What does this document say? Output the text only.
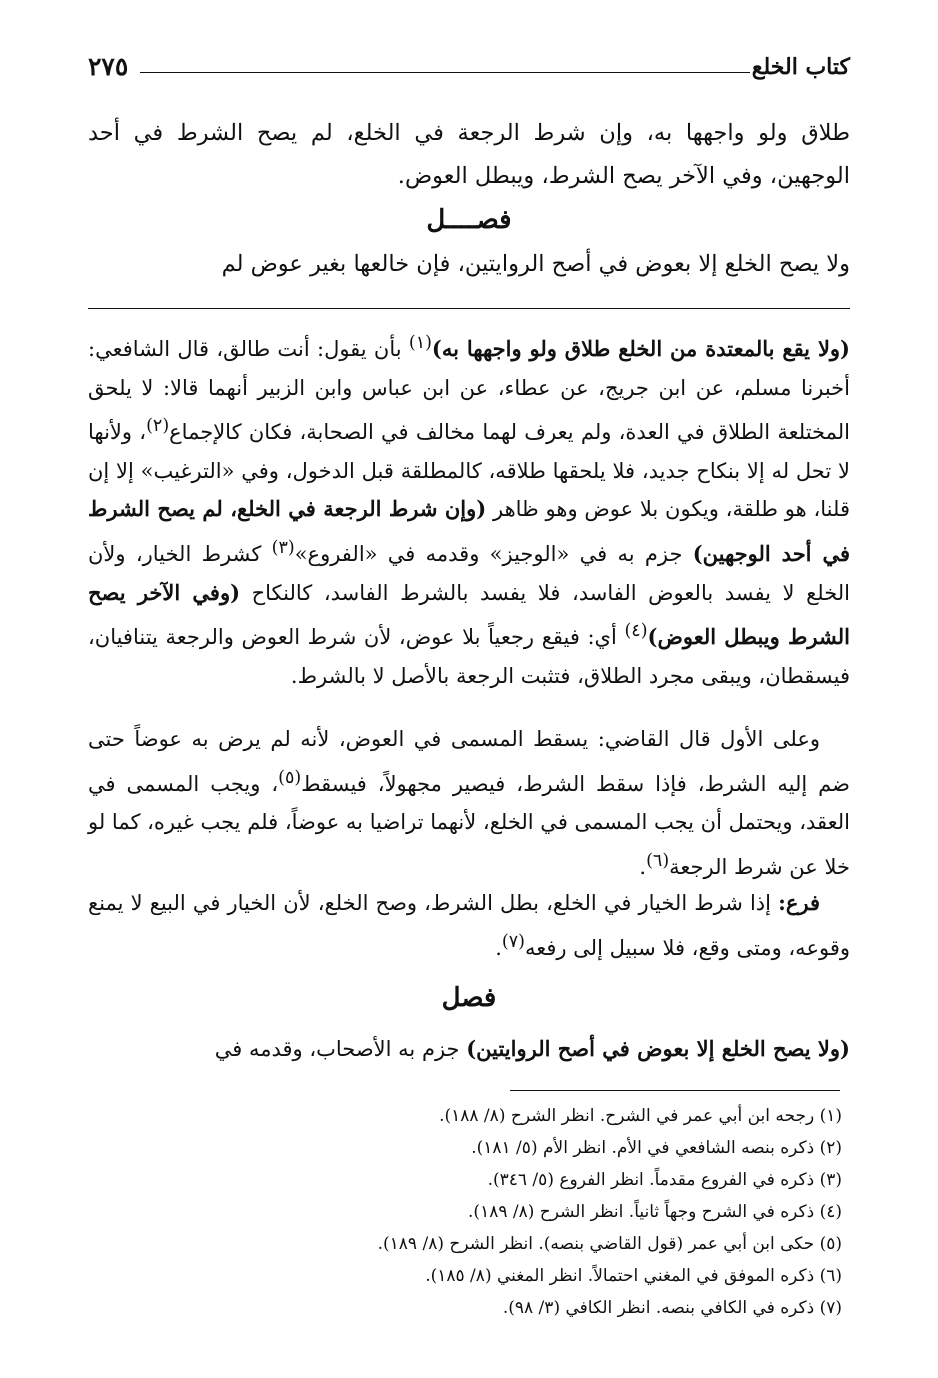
٢٧٥	كتاب الخلع

طلاق ولو واجهها به، وإن شرط الرجعة في الخلع، لم يصح الشرط في أحد الوجهين، وفي الآخر يصح الشرط، ويبطل العوض.

فصــــل

ولا يصح الخلع إلا بعوض في أصح الروايتين، فإن خالعها بغير عوض لم

(ولا يقع بالمعتدة من الخلع طلاق ولو واجهها به)$^{(١)}$ بأن يقول: أنت طالق، قال الشافعي: أخبرنا مسلم، عن ابن جريج، عن عطاء، عن ابن عباس وابن الزبير أنهما قالا: لا يلحق المختلعة الطلاق في العدة، ولم يعرف لهما مخالف في الصحابة، فكان كالإجماع$^{(٢)}$، ولأنها لا تحل له إلا بنكاح جديد، فلا يلحقها طلاقه، كالمطلقة قبل الدخول، وفي «الترغيب» إلا إن قلنا، هو طلقة، ويكون بلا عوض وهو ظاهر (وإن شرط الرجعة في الخلع، لم يصح الشرط في أحد الوجهين) جزم به في «الوجيز» وقدمه في «الفروع»$^{(٣)}$ كشرط الخيار، ولأن الخلع لا يفسد بالعوض الفاسد، فلا يفسد بالشرط الفاسد، كالنكاح (وفي الآخر يصح الشرط ويبطل العوض)$^{(٤)}$ أي: فيقع رجعياً بلا عوض، لأن شرط العوض والرجعة يتنافيان، فيسقطان، ويبقى مجرد الطلاق، فتثبت الرجعة بالأصل لا بالشرط.

وعلى الأول قال القاضي: يسقط المسمى في العوض، لأنه لم يرض به عوضاً حتى ضم إليه الشرط، فإذا سقط الشرط، فيصير مجهولاً، فيسقط$^{(٥)}$، ويجب المسمى في العقد، ويحتمل أن يجب المسمى في الخلع، لأنهما تراضيا به عوضاً، فلم يجب غيره، كما لو خلا عن شرط الرجعة$^{(٦)}$.

فرع: إذا شرط الخيار في الخلع، بطل الشرط، وصح الخلع، لأن الخيار في البيع لا يمنع وقوعه، ومتى وقع، فلا سبيل إلى رفعه$^{(٧)}$.

فصل

(ولا يصح الخلع إلا بعوض في أصح الروايتين) جزم به الأصحاب، وقدمه في

(١) رجحه ابن أبي عمر في الشرح. انظر الشرح (٨/ ١٨٨).
(٢) ذكره بنصه الشافعي في الأم. انظر الأم (٥/ ١٨١).
(٣) ذكره في الفروع مقدماً. انظر الفروع (٥/ ٣٤٦).
(٤) ذكره في الشرح وجهاً ثانياً. انظر الشرح (٨/ ١٨٩).
(٥) حكى ابن أبي عمر (قول القاضي بنصه). انظر الشرح (٨/ ١٨٩).
(٦) ذكره الموفق في المغني احتمالاً. انظر المغني (٨/ ١٨٥).
(٧) ذكره في الكافي بنصه. انظر الكافي (٣/ ٩٨).
